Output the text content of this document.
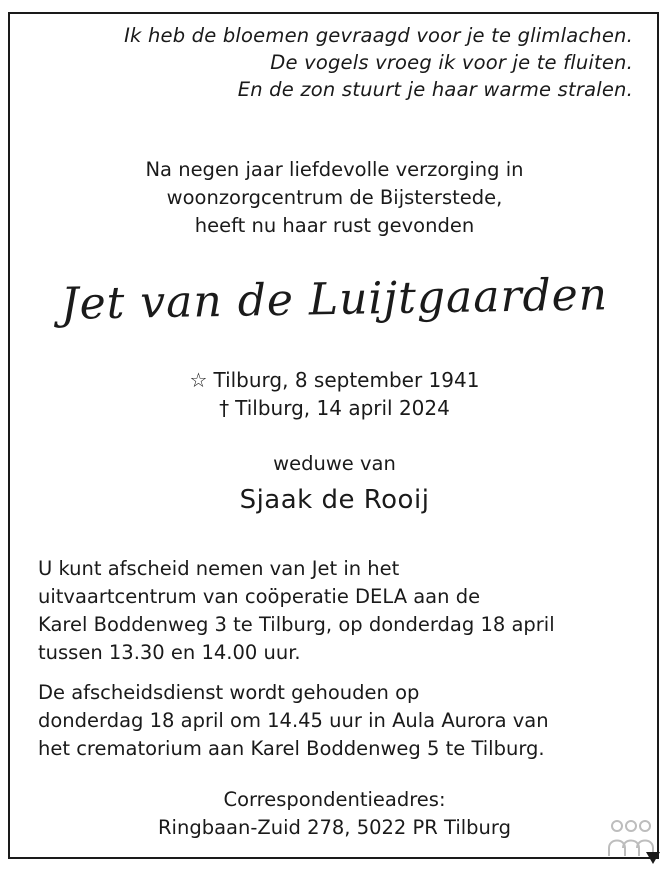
Ik heb de bloemen gevraagd voor je te glimlachen.
De vogels vroeg ik voor je te fluiten.
En de zon stuurt je haar warme stralen.
Na negen jaar liefdevolle verzorging in
woonzorgcentrum de Bijsterstede,
heeft nu haar rust gevonden
Jet van de Luijtgaarden
☆ Tilburg, 8 september 1941
† Tilburg, 14 april 2024
weduwe van
Sjaak de Rooij
U kunt afscheid nemen van Jet in het
uitvaartcentrum van coöperatie DELA aan de
Karel Boddenweg 3 te Tilburg, op donderdag 18 april
tussen 13.30 en 14.00 uur.
De afscheidsdienst wordt gehouden op
donderdag 18 april om 14.45 uur in Aula Aurora van
het crematorium aan Karel Boddenweg 5 te Tilburg.
Correspondentieadres:
Ringbaan-Zuid 278, 5022 PR Tilburg
